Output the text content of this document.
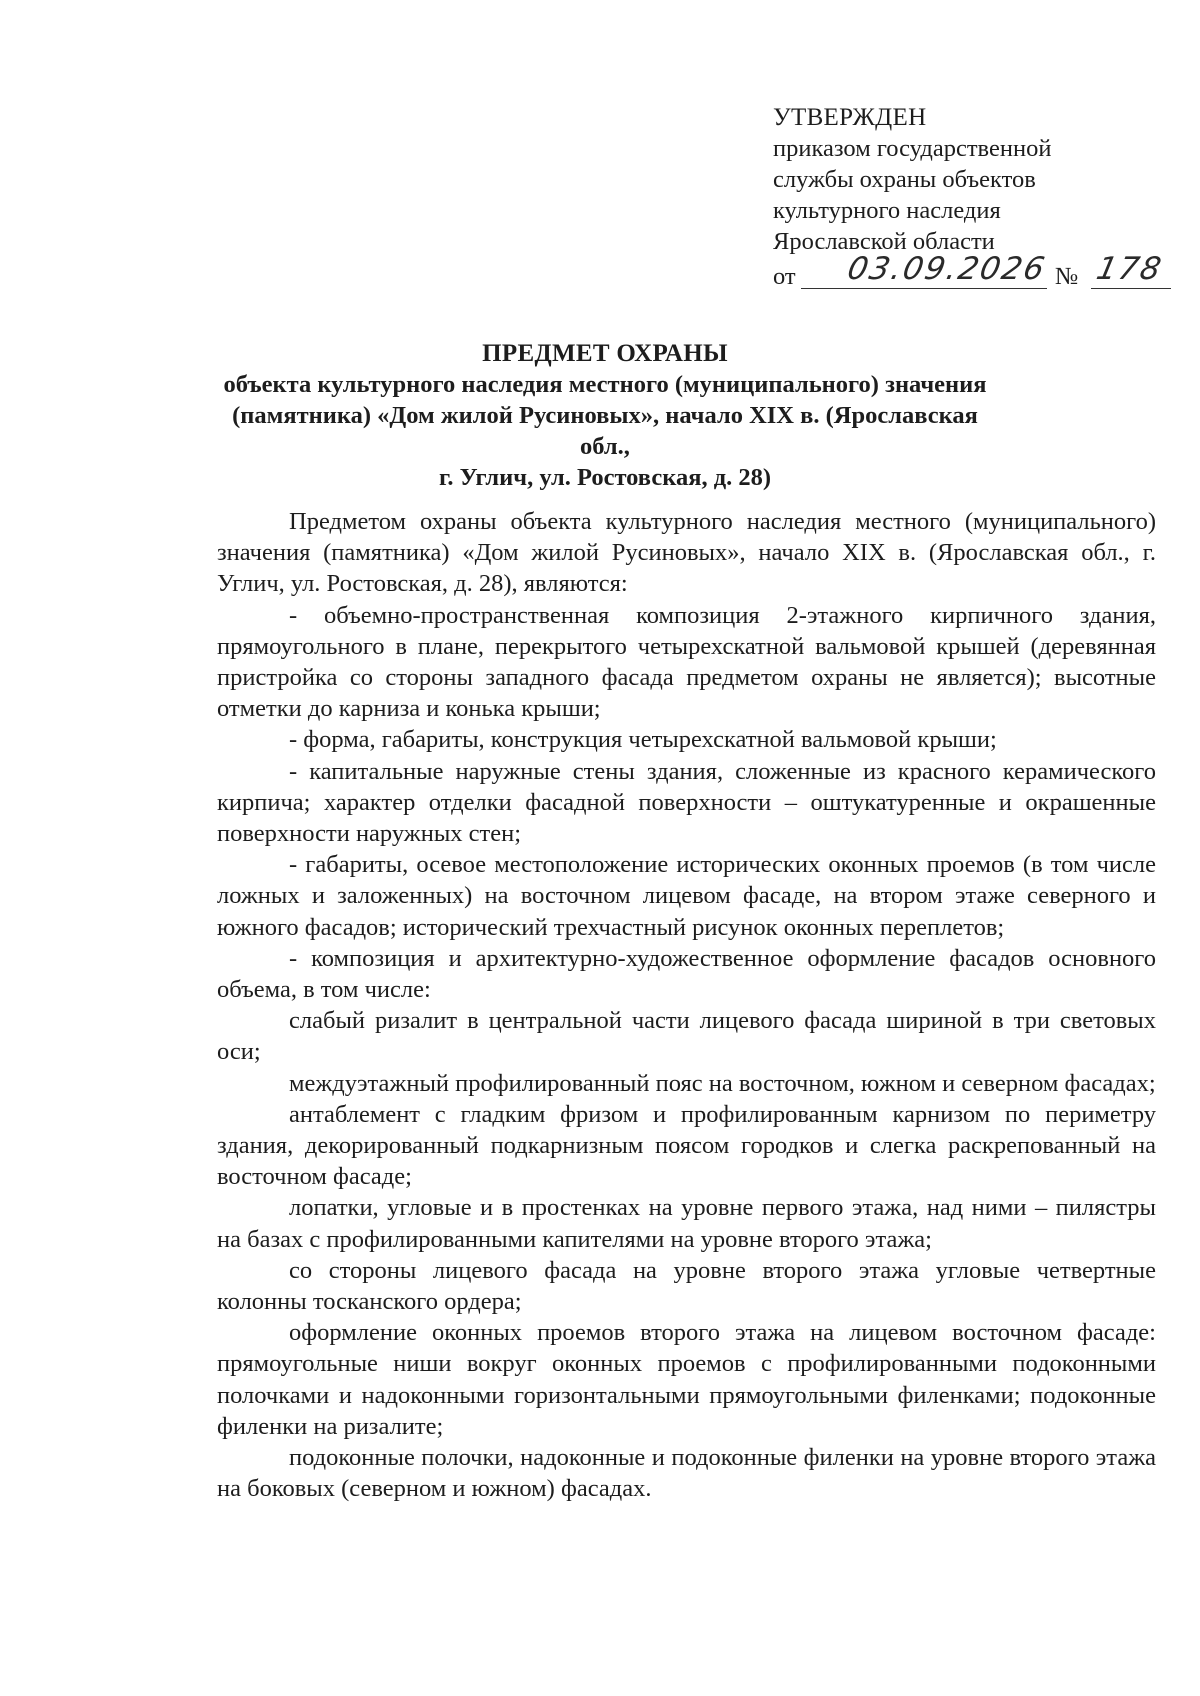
УТВЕРЖДЕН
приказом государственной
службы охраны объектов
культурного наследия
Ярославской области
от 03.09.2026 № 178
ПРЕДМЕТ ОХРАНЫ
объекта культурного наследия местного (муниципального) значения
(памятника) «Дом жилой Русиновых», начало XIX в. (Ярославская обл.,
г. Углич, ул. Ростовская, д. 28)

Предметом охраны объекта культурного наследия местного (муниципального) значения (памятника) «Дом жилой Русиновых», начало XIX в. (Ярославская обл., г. Углич, ул. Ростовская, д. 28), являются:

- объемно-пространственная композиция 2-этажного кирпичного здания, прямоугольного в плане, перекрытого четырехскатной вальмовой крышей (деревянная пристройка со стороны западного фасада предметом охраны не является); высотные отметки до карниза и конька крыши;

- форма, габариты, конструкция четырехскатной вальмовой крыши;

- капитальные наружные стены здания, сложенные из красного керамического кирпича; характер отделки фасадной поверхности – оштукатуренные и окрашенные поверхности наружных стен;

- габариты, осевое местоположение исторических оконных проемов (в том числе ложных и заложенных) на восточном лицевом фасаде, на втором этаже северного и южного фасадов; исторический трехчастный рисунок оконных переплетов;

- композиция и архитектурно-художественное оформление фасадов основного объема, в том числе:

слабый ризалит в центральной части лицевого фасада шириной в три световых оси;

междуэтажный профилированный пояс на восточном, южном и северном фасадах;

антаблемент с гладким фризом и профилированным карнизом по периметру здания, декорированный подкарнизным поясом городков и слегка раскрепованный на восточном фасаде;

лопатки, угловые и в простенках на уровне первого этажа, над ними – пилястры на базах с профилированными капителями на уровне второго этажа;

со стороны лицевого фасада на уровне второго этажа угловые четвертные колонны тосканского ордера;

оформление оконных проемов второго этажа на лицевом восточном фасаде: прямоугольные ниши вокруг оконных проемов с профилированными подоконными полочками и надоконными горизонтальными прямоугольными филенками; подоконные филенки на ризалите;

подоконные полочки, надоконные и подоконные филенки на уровне второго этажа на боковых (северном и южном) фасадах.
